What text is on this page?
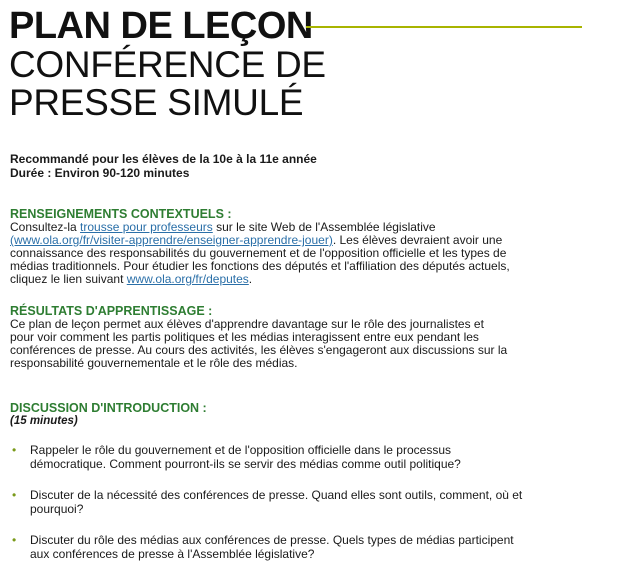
PLAN DE LEÇON
CONFÉRENCE DE
PRESSE SIMULÉ
Recommandé pour les élèves de la 10e à la 11e année
Durée : Environ 90-120 minutes
RENSEIGNEMENTS CONTEXTUELS :
Consultez-la trousse pour professeurs sur le site Web de l'Assemblée législative
(www.ola.org/fr/visiter-apprendre/enseigner-apprendre-jouer). Les élèves devraient avoir une connaissance des responsabilités du gouvernement et de l'opposition officielle et les types de médias traditionnels. Pour étudier les fonctions des députés et l'affiliation des députés actuels, cliquez le lien suivant www.ola.org/fr/deputes.
RÉSULTATS D'APPRENTISSAGE :
Ce plan de leçon permet aux élèves d'apprendre davantage sur le rôle des journalistes et pour voir comment les partis politiques et les médias interagissent entre eux pendant les conférences de presse. Au cours des activités, les élèves s'engageront aux discussions sur la responsabilité gouvernementale et le rôle des médias.
DISCUSSION D'INTRODUCTION :
(15 minutes)
•	Rappeler le rôle du gouvernement et de l'opposition officielle dans le processus démocratique. Comment pourront-ils se servir des médias comme outil politique?
•	Discuter de la nécessité des conférences de presse. Quand elles sont outils, comment, où et pourquoi?
•	Discuter du rôle des médias aux conférences de presse. Quels types de médias participent aux conférences de presse à l'Assemblée législative?
